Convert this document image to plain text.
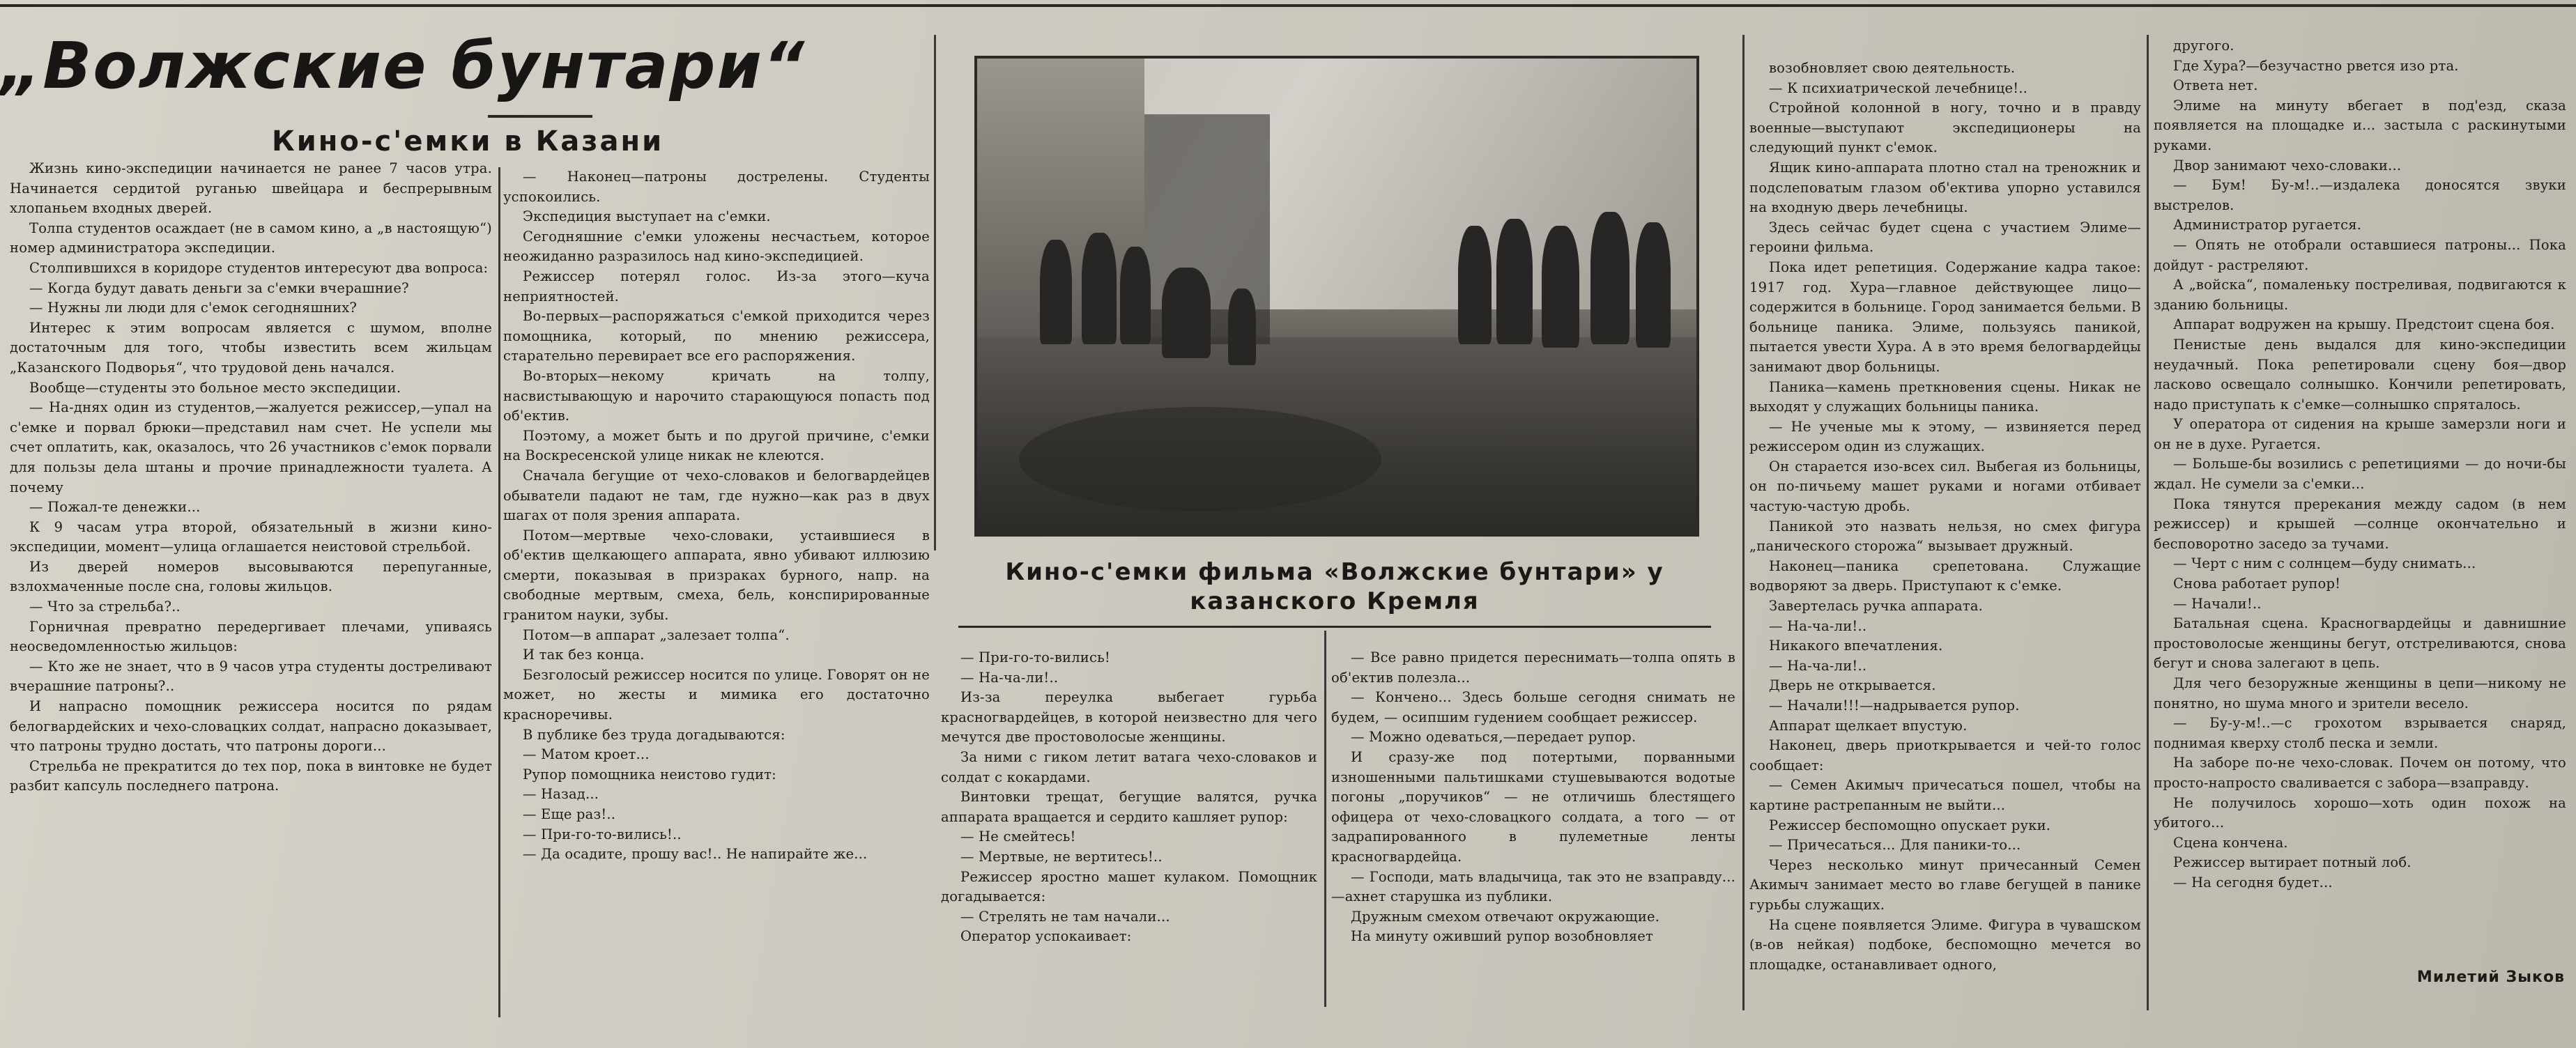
„Волжские бунтари“
Кино-с'емки в Казани

Жизнь кино-экспедиции начинается не ранее 7 часов утра. Начинается сердитой руганью швейцара и беспрерывным хлопаньем входных дверей.

Толпа студентов осаждает (не в самом кино, а „в настоящую“) номер администратора экспедиции.

Столпившихся в коридоре студентов интересуют два вопроса:

— Когда будут давать деньги за с'емки вчерашние?

— Нужны ли люди для с'емок сегодняшних?

Интерес к этим вопросам является с шумом, вполне достаточным для того, чтобы известить всем жильцам „Казанского Подворья“, что трудовой день начался.

Вообще—студенты это больное место экспедиции.

— На-днях один из студентов,—жалуется режиссер,—упал на с'емке и порвал брюки—представил нам счет. Не успели мы счет оплатить, как, оказалось, что 26 участников с'емок порвали для пользы дела штаны и прочие принадлежности туалета. А почему

— Пожал-те денежки...

К 9 часам утра второй, обязательный в жизни кино-экспедиции, момент—улица оглашается неистовой стрельбой.

Из дверей номеров высовываются перепуганные, взлохмаченные после сна, головы жильцов.

— Что за стрельба?..

Горничная превратно передергивает плечами, упиваясь неосведомленностью жильцов:

— Кто же не знает, что в 9 часов утра студенты достреливают вчерашние патроны?..

И напрасно помощник режиссера носится по рядам белогвардейских и чехо-словацких солдат, напрасно доказывает, что патроны трудно достать, что патроны дороги...

Стрельба не прекратится до тех пор, пока в винтовке не будет разбит капсуль последнего патрона.

— Наконец—патроны дострелены. Студенты успокоились.

Экспедиция выступает на с'емки.

Сегодняшние с'емки уложены несчастьем, которое неожиданно разразилось над кино-экспедицией.

Режиссер потерял голос. Из-за этого—куча неприятностей.

Во-первых—распоряжаться с'емкой приходится через помощника, который, по мнению режиссера, старательно перевирает все его распоряжения.

Во-вторых—некому кричать на толпу, насвистывающую и нарочито старающуюся попасть под об'ектив.

Поэтому, а может быть и по другой причине, с'емки на Воскресенской улице никак не клеются.

Сначала бегущие от чехо-словаков и белогвардейцев обыватели падают не там, где нужно—как раз в двух шагах от поля зрения аппарата.

Потом—мертвые чехо-словаки, устаившиеся в об'ектив щелкающего аппарата, явно убивают иллюзию смерти, показывая в призраках бурного, напр. на свободные мертвым, смеха, бель, конспирированные гранитом науки, зубы.

Потом—в аппарат „залезает толпа“.

И так без конца.

Безголосый режиссер носится по улице. Говорят он не может, но жесты и мимика его достаточно красноречивы.

В публике без труда догадываются:

— Матом кроет...

Рупор помощника неистово гудит:

— Назад...

— Еще раз!..

— При-го-то-вились!..

— Да осадите, прошу вас!.. Не напирайте же...

Кино-с'емки фильма «Волжские бунтари» у казанского Кремля

— При-го-то-вились!

— На-ча-ли!..

Из-за переулка выбегает гурьба красногвардейцев, в которой неизвестно для чего мечутся две простоволосые женщины.

За ними с гиком летит ватага чехо-словаков и солдат с кокардами.

Винтовки трещат, бегущие валятся, ручка аппарата вращается и сердито кашляет рупор:

— Не смейтесь!

— Мертвые, не вертитесь!..

Режиссер яростно машет кулаком. Помощник догадывается:

— Стрелять не там начали...

Оператор успокаивает:

— Все равно придется переснимать—толпа опять в об'ектив полезла...

— Кончено... Здесь больше сегодня снимать не будем, — осипшим гудением сообщает режиссер.

— Можно одеваться,—передает рупор.

И сразу-же под потертыми, порванными изношенными пальтишками стушевываются водотые погоны „поручиков“ — не отличишь блестящего офицера от чехо-словацкого солдата, а того — от задрапированного в пулеметные ленты красногвардейца.

— Господи, мать владычица, так это не взаправду...—ахнет старушка из публики.

Дружным смехом отвечают окружающие.

На минуту оживший рупор возобновляет

возобновляет свою деятельность.

— К психиатрической лечебнице!..

Стройной колонной в ногу, точно и в правду военные—выступают экспедиционеры на следующий пункт с'емок.

Ящик кино-аппарата плотно стал на треножник и подслеповатым глазом об'ектива упорно уставился на входную дверь лечебницы.

Здесь сейчас будет сцена с участием Элиме—героини фильма.

Пока идет репетиция. Содержание кадра такое: 1917 год. Хура—главное действующее лицо—содержится в больнице. Город занимается бельми. В больнице паника. Элиме, пользуясь паникой, пытается увести Хура. А в это время белогвардейцы занимают двор больницы.

Паника—камень преткновения сцены. Никак не выходят у служащих больницы паника.

— Не ученые мы к этому, — извиняется перед режиссером один из служащих.

Он старается изо-всех сил. Выбегая из больницы, он по-пичьему машет руками и ногами отбивает частую-частую дробь.

Паникой это назвать нельзя, но смех фигура „панического сторожа“ вызывает дружный.

Наконец—паника срепетована. Служащие водворяют за дверь. Приступают к с'емке.

Завертелась ручка аппарата.

— На-ча-ли!..

Никакого впечатления.

— На-ча-ли!..

Дверь не открывается.

— Начали!!!—надрывается рупор.

Аппарат щелкает впустую.

Наконец, дверь приоткрывается и чей-то голос сообщает:

— Семен Акимыч причесаться пошел, чтобы на картине растрепанным не выйти...

Режиссер беспомощно опускает руки.

— Причесаться... Для паники-то...

Через несколько минут причесанный Семен Акимыч занимает место во главе бегущей в панике гурьбы служащих.

На сцене появляется Элиме. Фигура в чувашском (в-ов нейкая) подбоке, беспомощно мечется во площадке, останавливает одного,

другого.

Где Хура?—безучастно рвется изо рта.

Ответа нет.

Элиме на минуту вбегает в под'езд, сказа появляется на площадке и... застыла с раскинутыми руками.

Двор занимают чехо-словаки...

— Бум! Бу-м!..—издалека доносятся звуки выстрелов.

Администратор ругается.

— Опять не отобрали оставшиеся патроны... Пока дойдут - растреляют.

А „войска“, помаленьку постреливая, подвигаются к зданию больницы.

Аппарат водружен на крышу. Предстоит сцена боя.

Пенистые день выдался для кино-экспедиции неудачный. Пока репетировали сцену боя—двор ласково освещало солнышко. Кончили репетировать, надо приступать к с'емке—солнышко спряталось.

У оператора от сидения на крыше замерзли ноги и он не в духе. Ругается.

— Больше-бы возились с репетициями — до ночи-бы ждал. Не сумели за с'емки...

Пока тянутся пререкания между садом (в нем режиссер) и крышей —солнце окончательно и бесповоротно заседо за тучами.

— Черт с ним с солнцем—буду снимать...

Снова работает рупор!

— Начали!..

Батальная сцена. Красногвардейцы и давнишние простоволосые женщины бегут, отстреливаются, снова бегут и снова залегают в цепь.

Для чего безоружные женщины в цепи—никому не понятно, но шума много и зрители весело.

— Бу-у-м!..—с грохотом взрывается снаряд, поднимая кверху столб песка и земли.

На заборе по-не чехо-словак. Почем он потому, что просто-напросто сваливается с забора—взаправду.

Не получилось хорошо—хоть один похож на убитого...

Сцена кончена.

Режиссер вытирает потный лоб.

— На сегодня будет...

Милетий Зыков
